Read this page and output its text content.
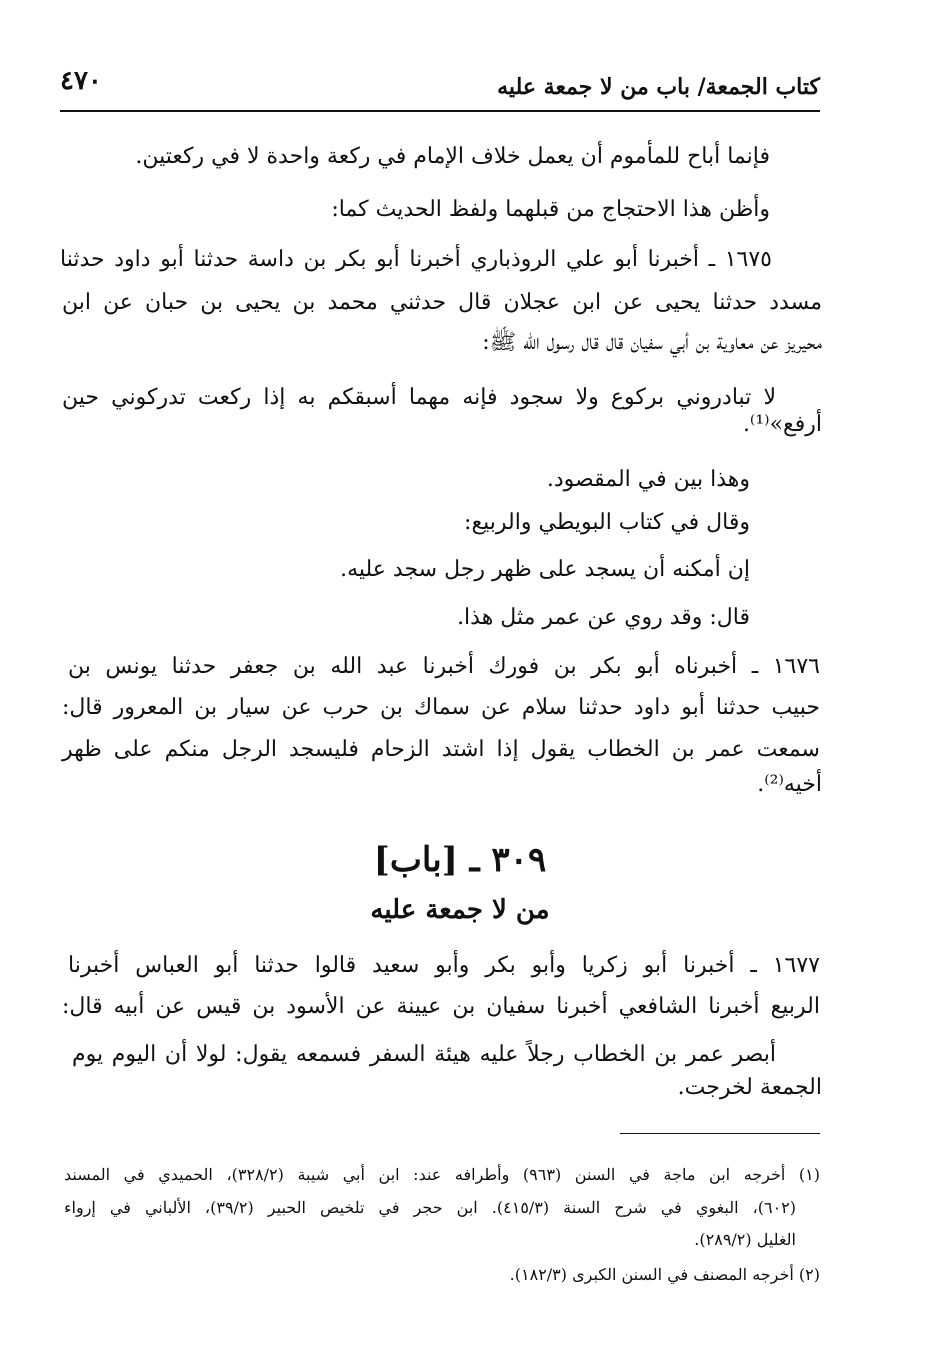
كتاب الجمعة/ باب من لا جمعة عليه
٤٧٠
فإنما أباح للمأموم أن يعمل خلاف الإمام في ركعة واحدة لا في ركعتين.
وأظن هذا الاحتجاج من قبلهما ولفظ الحديث كما:
١٦٧٥ ـ أخبرنا أبو علي الروذباري أخبرنا أبو بكر بن داسة حدثنا أبو داود حدثنا
مسدد حدثنا يحيى عن ابن عجلان قال حدثني محمد بن يحيى بن حبان عن ابن
محيريز عن معاوية بن أبي سفيان قال قال رسول الله ﷺ:
لا تبادروني بركوع ولا سجود فإنه مهما أسبقكم به إذا ركعت تدركوني حين
أرفع»⁽¹⁾.
وهذا بين في المقصود.
وقال في كتاب البويطي والربيع:
إن أمكنه أن يسجد على ظهر رجل سجد عليه.
قال: وقد روي عن عمر مثل هذا.
١٦٧٦ ـ أخبرناه أبو بكر بن فورك أخبرنا عبد الله بن جعفر حدثنا يونس بن
حبيب حدثنا أبو داود حدثنا سلام عن سماك بن حرب عن سيار بن المعرور قال:
سمعت عمر بن الخطاب يقول إذا اشتد الزحام فليسجد الرجل منكم على ظهر
أخيه⁽²⁾.
٣٠٩ ـ [باب]
من لا جمعة عليه
١٦٧٧ ـ أخبرنا أبو زكريا وأبو بكر وأبو سعيد قالوا حدثنا أبو العباس أخبرنا
الربيع أخبرنا الشافعي أخبرنا سفيان بن عيينة عن الأسود بن قيس عن أبيه قال:
أبصر عمر بن الخطاب رجلاً عليه هيئة السفر فسمعه يقول: لولا أن اليوم يوم
الجمعة لخرجت.
(١) أخرجه ابن ماجة في السنن (٩٦٣) وأطرافه عند: ابن أبي شيبة (٣٢٨/٢)، الحميدي في المسند
(٦٠٢)، البغوي في شرح السنة (٤١٥/٣). ابن حجر في تلخيص الحبير (٣٩/٢)، الألباني في إرواء
الغليل (٢٨٩/٢).
(٢) أخرجه المصنف في السنن الكبرى (١٨٢/٣).
